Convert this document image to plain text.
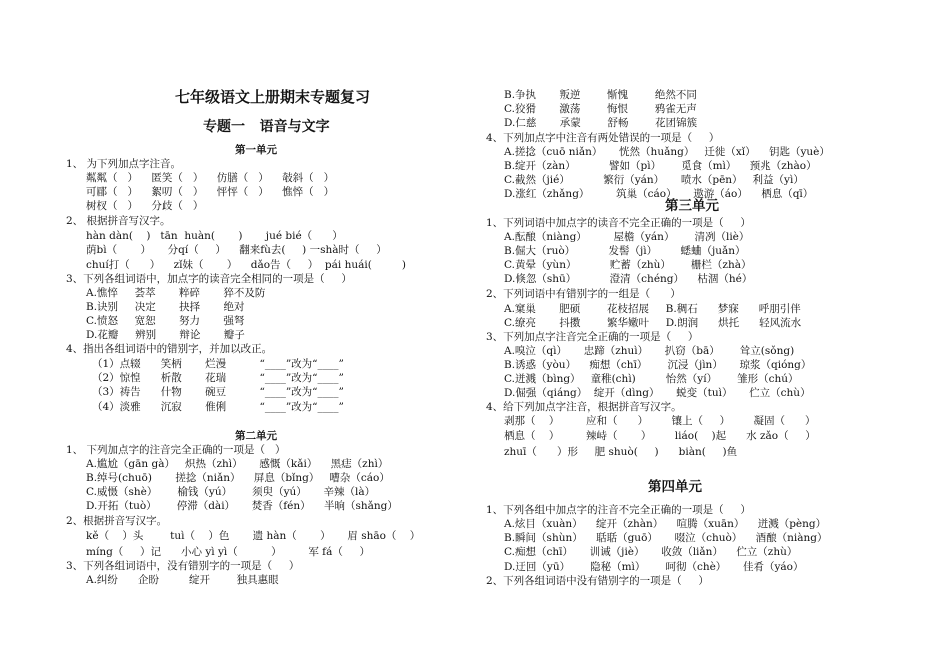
七年级语文上册期末专题复习
专题一   语音与文字
第一单元
1、 为下列加点字注音。
粼粼（   ）    匿笑（   ）    仿膳（   ）    攲斜（   ）
可郿（   ）    絮叨（   ）    怦怦（   ）    憔悴（   ）
树杈（   ）    分歧（   ）
2、 根据拼音写汉字。
hàn dàn(    )   tān  huàn(       )       jué bié（      ）
荫bì（       ）     分qí（     ）    翻来fù去(     ) 一shà时（     ）
chuí打（      ）    zǐ妹（       ）    dǎo告（     ）  pái huái(         )
3、下列各组词语中，加点字的读音完全相同的一项是（     ）
A.憔悴     荟萃       粹碎       猝不及防
B.诀别     决定       抉择       绝对
C.愤怒     宽恕       努力       强弩
D.花瓣     辨别       辩论       瓣子
4、指出各组词语中的错别字，并加以改正。
（1）点辍      笑柄       烂漫          “____”改为“____”
（2）惊惶      析散       花瑞          “____”改为“____”
（3）祷告      什物       碗豆          “____”改为“____”
（4）淡雅      沉寂       倠俐          “____”改为“____”
第二单元
1、 下列加点字的注音完全正确的一项是（   ）
A.尴尬（gān gà）   炽热（zhì）     感慨（kǎi）    黑痣（zhì）
B.绰号(chuō)       搓捻（niǎn）    屏息（bǐng）   嘈杂（cáo）
C.威慑（shè）      榆钱（yú）      须臾（yú）     辛辣（là）
D.开拓（tuò）      停滞（dài）     焚香（fén）    半晌（shǎng）
2、根据拼音写汉字。
kě（    ）头        tuì（    ）色       遗 hàn（       ）     眉 shāo（    ）
míng（     ）记      小心 yì yì（          ）        军 fá（     ）
3、下列各组词语中，没有错别字的一项是（     ）
A.纠纷      企盼         绽开        独具惠眼
B.争执       叛逆        惭愧        绝然不同
C.狡猾       激荡        悔恨        鸦雀无声
D.仁慈       承蒙        舒畅        花团锦簇
4、下列加点字中注音有两处错误的一项是（     ）
A.搓捻（cuō niǎn）     恍然（huǎng）   迁徙（xǐ）    钥匙（yuè）
B.绽开（zàn）          譬如（pì）      觅食（mì）    预兆（zhào）
C.截然（jié）          繁衍（yán）     喷水（pēn）   利益（yì）
D.涨红（zhǎng）        筑巢（cáo）     遨游（áo）    栖息（qī）
第三单元
1、下列词语中加点字的读音不完全正确的一项是（     ）
A.酝酿（niàng）        屋檐（yán）      清冽（liè）
B.倔大（ruò）          发髻（jì）       蟋蛐（juǎn）
C.黄晕（yùn）          贮蓄（zhù）      栅栏（zhà）
D.倏忽（shū）          澄清（chéng）    枯涸（hé）
2、下列词语中有错别字的一组是（      ）
A.窠巢       肥硕        花枝招展     B.稠石      梦寐      呼朋引伴
C.缭亮       抖擞        繁华嫩叶     D.朗润      烘托      轻风流水
3、下列加点字注音完全正确的一项是（     ）
A.嗅泣（qì）     忠蹄（zhuì）     扒窃（bā）      耸立(sǒng)
B.诱惑（yòu）    痴想（chī）      沉浸（jìn）     琼浆（qióng）
C.迸溅（bìng）   童稚(chì)         怡然（yí）      雏形（chú）
D.倔强（qiáng）  绽开（dìng）     蜕变（tuì）     伫立（chù）
4、给下列加点字注音，根据拼音写汉字。
剥那（    ）        应和（      ）       镶上（     ）       凝固（      ）
栖息（    ）        辣峙（       ）       liáo(    )起      水 zǎo（     ）
zhuī（      ）形     肥 shuò(     )      biàn(     )鱼
第四单元
1、下列各组中加点字的注音不完全正确的一项是（     ）
A.炫目（xuàn）    绽开（zhàn）    喧腾（xuān）    迸溅（pèng）
B.瞬间（shùn）    聒聒（guō）     啜泣（chuò）    酒酿（niàng）
C.痴想（chī）     训诫（jiè）     收敛（liǎn）    伫立（zhù）
D.迂回（yū）      隐秘（mì）      呵彻（chè）     佳肴（yáo）
2、下列各组词语中没有错别字的一项是（     ）
